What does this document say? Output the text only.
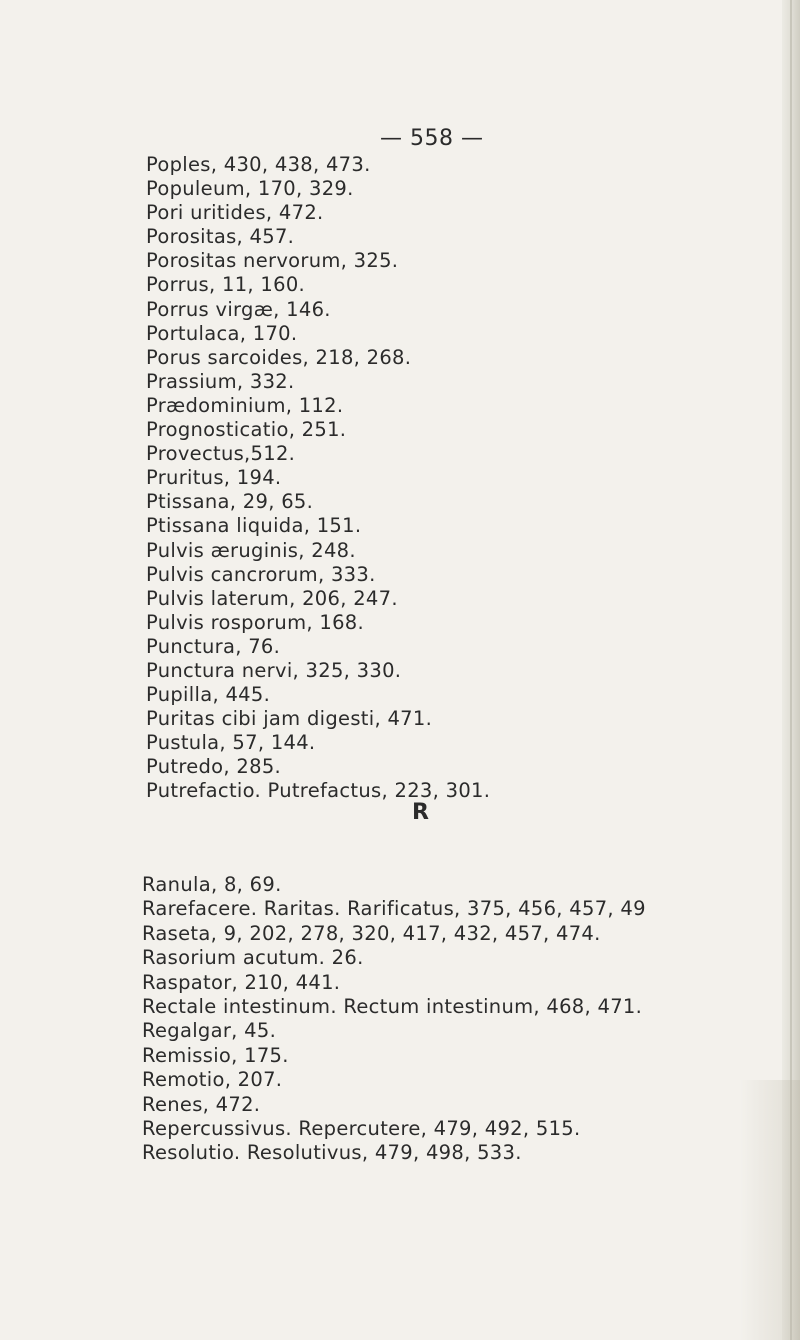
— 558 —
Poples, 430, 438, 473.
Populeum, 170, 329.
Pori uritides, 472.
Porositas, 457.
Porositas nervorum, 325.
Porrus, 11, 160.
Porrus virgæ, 146.
Portulaca, 170.
Porus sarcoides, 218, 268.
Prassium, 332.
Prædominium, 112.
Prognosticatio, 251.
Provectus,512.
Pruritus, 194.
Ptissana, 29, 65.
Ptissana liquida, 151.
Pulvis æruginis, 248.
Pulvis cancrorum, 333.
Pulvis laterum, 206, 247.
Pulvis rosporum, 168.
Punctura, 76.
Punctura nervi, 325, 330.
Pupilla, 445.
Puritas cibi jam digesti, 471.
Pustula, 57, 144.
Putredo, 285.
Putrefactio. Putrefactus, 223, 301.
R
Ranula, 8, 69.
Rarefacere. Raritas. Rarificatus, 375, 456, 457, 49
Raseta, 9, 202, 278, 320, 417, 432, 457, 474.
Rasorium acutum. 26.
Raspator, 210, 441.
Rectale intestinum. Rectum intestinum, 468, 471.
Regalgar, 45.
Remissio, 175.
Remotio, 207.
Renes, 472.
Repercussivus. Repercutere, 479, 492, 515.
Resolutio. Resolutivus, 479, 498, 533.
